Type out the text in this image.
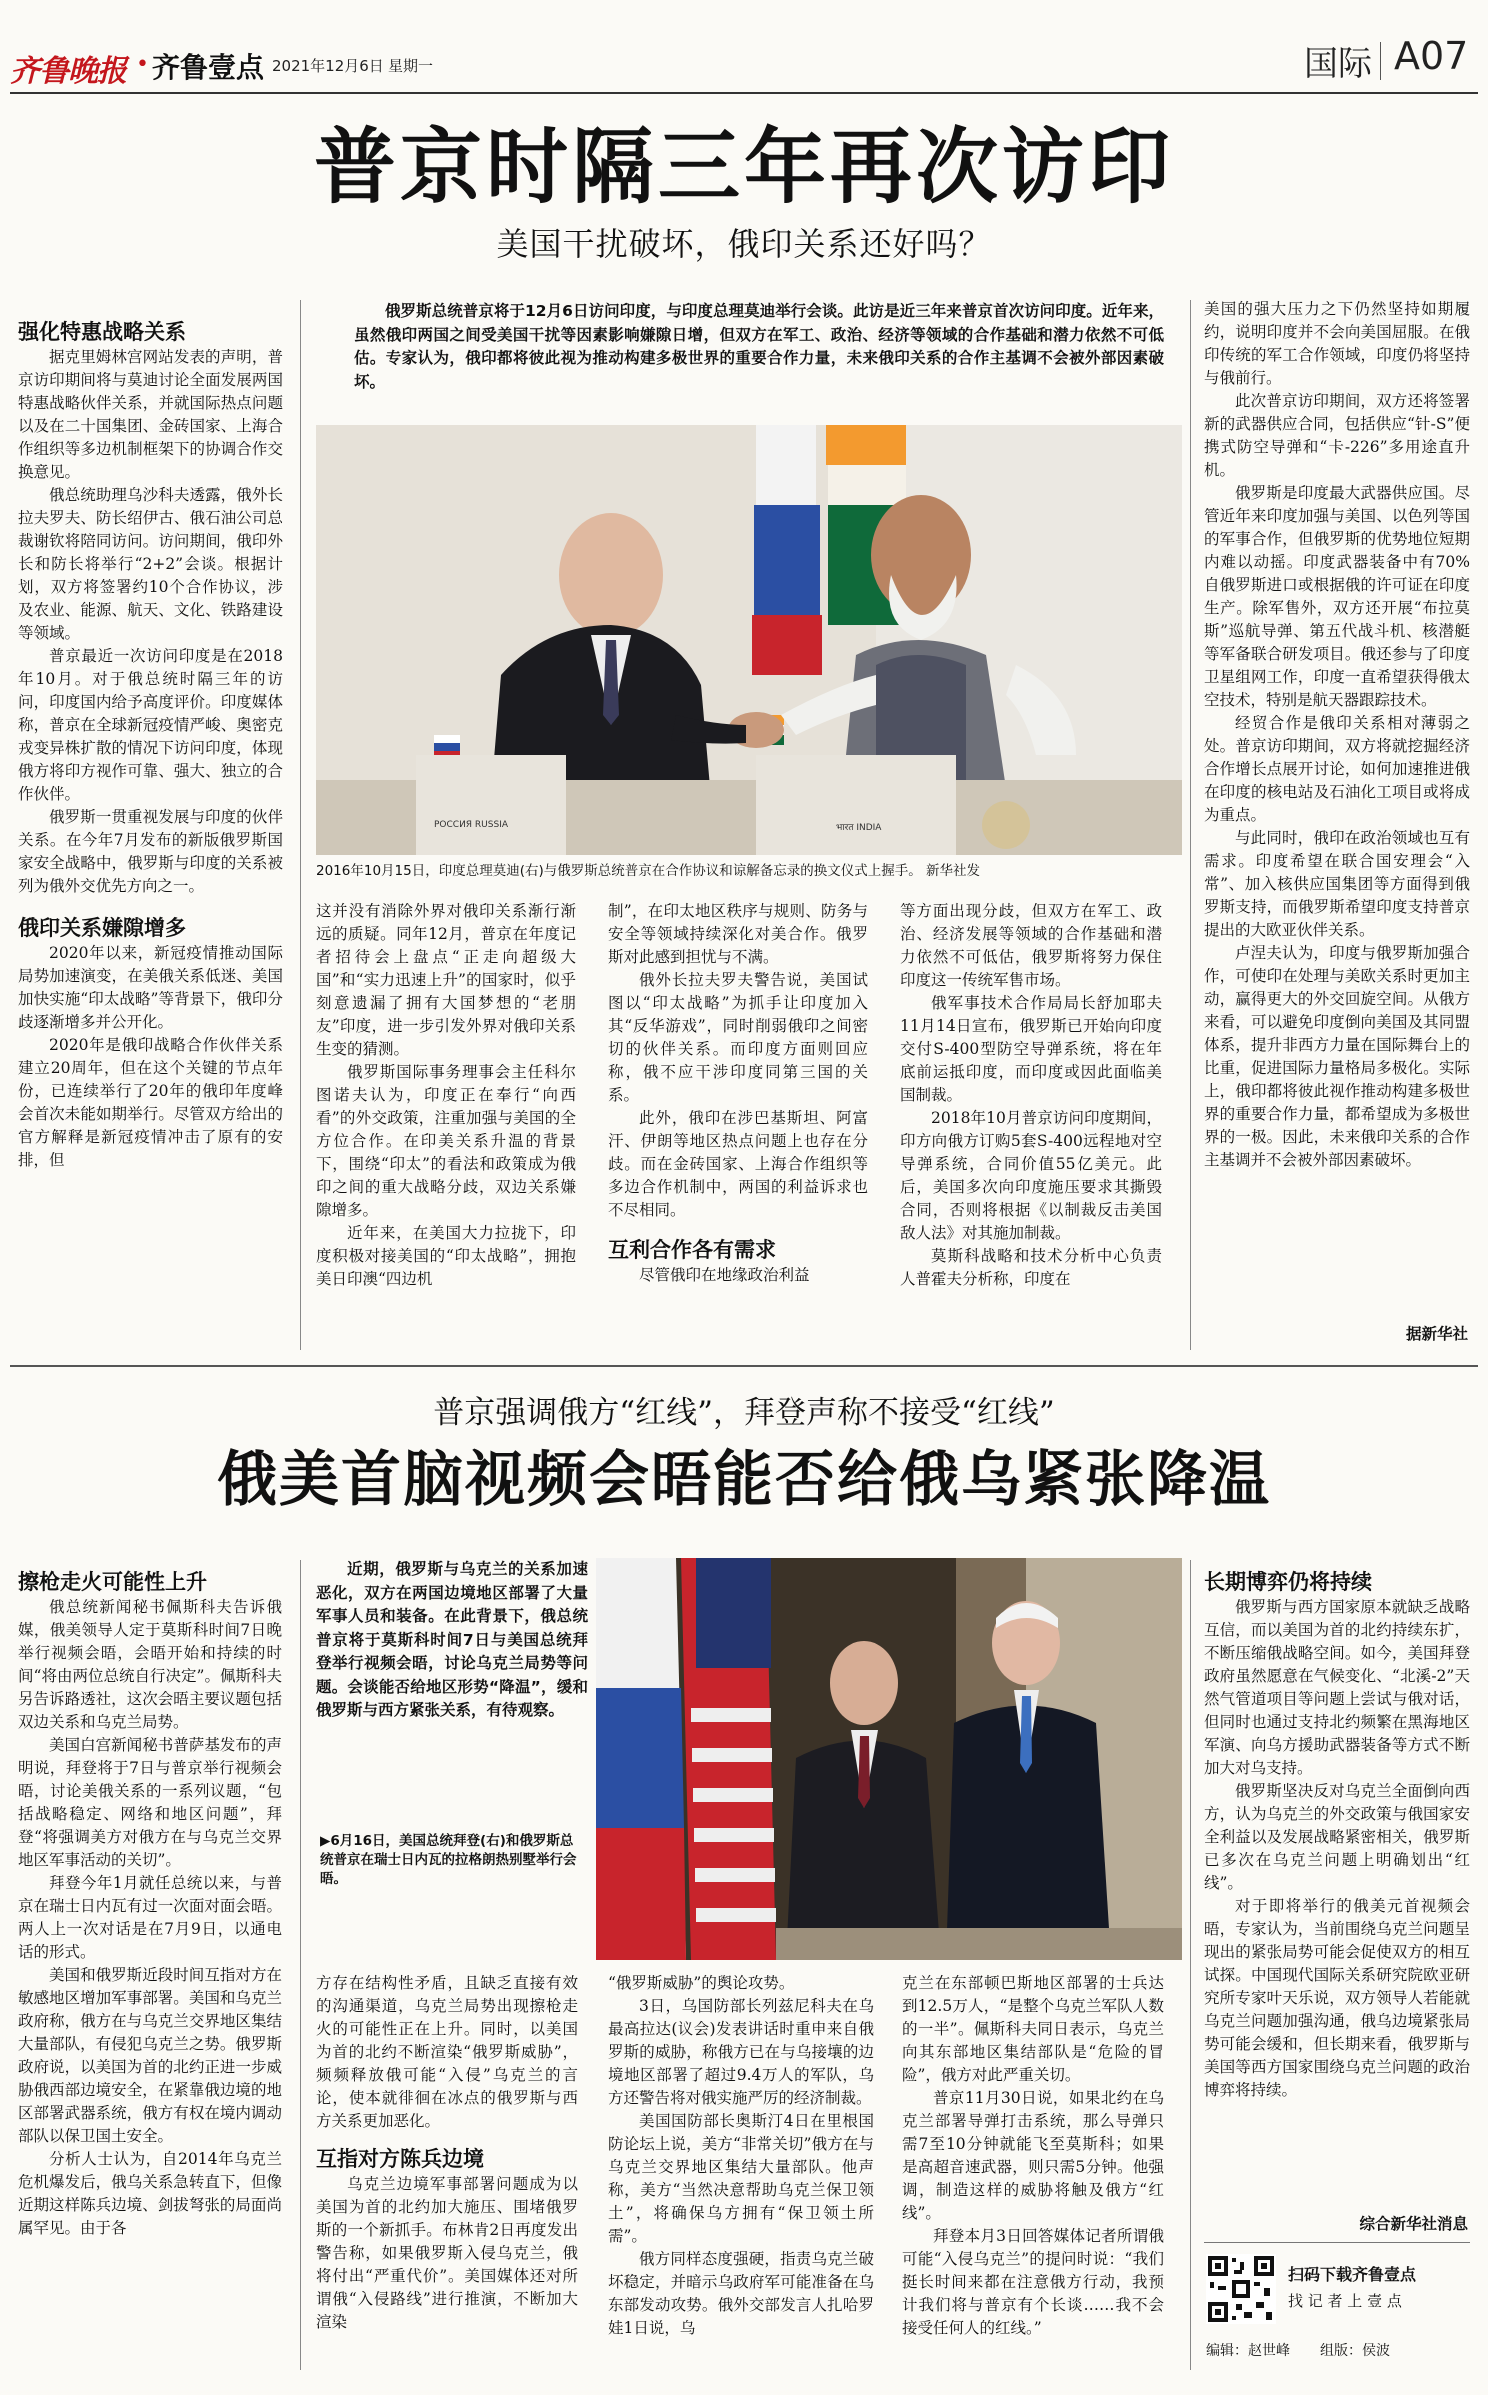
齐鲁晚报 • 齐鲁壹点 2021年12月6日 星期一	国际 A07
普京时隔三年再次访印
美国干扰破坏，俄印关系还好吗？

俄罗斯总统普京将于12月6日访问印度，与印度总理莫迪举行会谈。此访是近三年来普京首次访问印度。近年来，虽然俄印两国之间受美国干扰等因素影响嫌隙日增，但双方在军工、政治、经济等领域的合作基础和潜力依然不可低估。专家认为，俄印都将彼此视为推动构建多极世界的重要合作力量，未来俄印关系的合作主基调不会被外部因素破坏。

РОССИЯ RUSSIA	भारत INDIA
2016年10月15日，印度总理莫迪(右)与俄罗斯总统普京在合作协议和谅解备忘录的换文仪式上握手。 新华社发

强化特惠战略关系

据克里姆林宫网站发表的声明，普京访印期间将与莫迪讨论全面发展两国特惠战略伙伴关系，并就国际热点问题以及在二十国集团、金砖国家、上海合作组织等多边机制框架下的协调合作交换意见。

俄总统助理乌沙科夫透露，俄外长拉夫罗夫、防长绍伊古、俄石油公司总裁谢钦将陪同访问。访问期间，俄印外长和防长将举行“2+2”会谈。根据计划，双方将签署约10个合作协议，涉及农业、能源、航天、文化、铁路建设等领域。

普京最近一次访问印度是在2018年10月。对于俄总统时隔三年的访问，印度国内给予高度评价。印度媒体称，普京在全球新冠疫情严峻、奥密克戎变异株扩散的情况下访问印度，体现俄方将印方视作可靠、强大、独立的合作伙伴。

俄罗斯一贯重视发展与印度的伙伴关系。在今年7月发布的新版俄罗斯国家安全战略中，俄罗斯与印度的关系被列为俄外交优先方向之一。

俄印关系嫌隙增多

2020年以来，新冠疫情推动国际局势加速演变，在美俄关系低迷、美国加快实施“印太战略”等背景下，俄印分歧逐渐增多并公开化。

2020年是俄印战略合作伙伴关系建立20周年，但在这个关键的节点年份，已连续举行了20年的俄印年度峰会首次未能如期举行。尽管双方给出的官方解释是新冠疫情冲击了原有的安排，但

这并没有消除外界对俄印关系渐行渐远的质疑。同年12月，普京在年度记者招待会上盘点“正走向超级大国”和“实力迅速上升”的国家时，似乎刻意遗漏了拥有大国梦想的“老朋友”印度，进一步引发外界对俄印关系生变的猜测。

俄罗斯国际事务理事会主任科尔图诺夫认为，印度正在奉行“向西看”的外交政策，注重加强与美国的全方位合作。在印美关系升温的背景下，围绕“印太”的看法和政策成为俄印之间的重大战略分歧，双边关系嫌隙增多。

近年来，在美国大力拉拢下，印度积极对接美国的“印太战略”，拥抱美日印澳“四边机

制”，在印太地区秩序与规则、防务与安全等领域持续深化对美合作。俄罗斯对此感到担忧与不满。

俄外长拉夫罗夫警告说，美国试图以“印太战略”为抓手让印度加入其“反华游戏”，同时削弱俄印之间密切的伙伴关系。而印度方面则回应称，俄不应干涉印度同第三国的关系。

此外，俄印在涉巴基斯坦、阿富汗、伊朗等地区热点问题上也存在分歧。而在金砖国家、上海合作组织等多边合作机制中，两国的利益诉求也不尽相同。

互利合作各有需求

尽管俄印在地缘政治利益

等方面出现分歧，但双方在军工、政治、经济发展等领域的合作基础和潜力依然不可低估，俄罗斯将努力保住印度这一传统军售市场。

俄军事技术合作局局长舒加耶夫11月14日宣布，俄罗斯已开始向印度交付S-400型防空导弹系统，将在年底前运抵印度，而印度或因此面临美国制裁。

2018年10月普京访问印度期间，印方向俄方订购5套S-400远程地对空导弹系统，合同价值55亿美元。此后，美国多次向印度施压要求其撕毁合同，否则将根据《以制裁反击美国敌人法》对其施加制裁。

莫斯科战略和技术分析中心负责人普霍夫分析称，印度在

美国的强大压力之下仍然坚持如期履约，说明印度并不会向美国屈服。在俄印传统的军工合作领域，印度仍将坚持与俄前行。

此次普京访印期间，双方还将签署新的武器供应合同，包括供应“针-S”便携式防空导弹和“卡-226”多用途直升机。

俄罗斯是印度最大武器供应国。尽管近年来印度加强与美国、以色列等国的军事合作，但俄罗斯的优势地位短期内难以动摇。印度武器装备中有70%自俄罗斯进口或根据俄的许可证在印度生产。除军售外，双方还开展“布拉莫斯”巡航导弹、第五代战斗机、核潜艇等军备联合研发项目。俄还参与了印度卫星组网工作，印度一直希望获得俄太空技术，特别是航天器跟踪技术。

经贸合作是俄印关系相对薄弱之处。普京访印期间，双方将就挖掘经济合作增长点展开讨论，如何加速推进俄在印度的核电站及石油化工项目或将成为重点。

与此同时，俄印在政治领域也互有需求。印度希望在联合国安理会“入常”、加入核供应国集团等方面得到俄罗斯支持，而俄罗斯希望印度支持普京提出的大欧亚伙伴关系。

卢涅夫认为，印度与俄罗斯加强合作，可使印在处理与美欧关系时更加主动，赢得更大的外交回旋空间。从俄方来看，可以避免印度倒向美国及其同盟体系，提升非西方力量在国际舞台上的比重，促进国际力量格局多极化。实际上，俄印都将彼此视作推动构建多极世界的重要合作力量，都希望成为多极世界的一极。因此，未来俄印关系的合作主基调并不会被外部因素破坏。

据新华社
普京强调俄方“红线”，拜登声称不接受“红线”
俄美首脑视频会晤能否给俄乌紧张降温

擦枪走火可能性上升

俄总统新闻秘书佩斯科夫告诉俄媒，俄美领导人定于莫斯科时间7日晚举行视频会晤，会晤开始和持续的时间“将由两位总统自行决定”。佩斯科夫另告诉路透社，这次会晤主要议题包括双边关系和乌克兰局势。

美国白宫新闻秘书普萨基发布的声明说，拜登将于7日与普京举行视频会晤，讨论美俄关系的一系列议题，“包括战略稳定、网络和地区问题”，拜登“将强调美方对俄方在与乌克兰交界地区军事活动的关切”。

拜登今年1月就任总统以来，与普京在瑞士日内瓦有过一次面对面会晤。两人上一次对话是在7月9日，以通电话的形式。

美国和俄罗斯近段时间互指对方在敏感地区增加军事部署。美国和乌克兰政府称，俄方在与乌克兰交界地区集结大量部队，有侵犯乌克兰之势。俄罗斯政府说，以美国为首的北约正进一步威胁俄西部边境安全，在紧靠俄边境的地区部署武器系统，俄方有权在境内调动部队以保卫国土安全。

分析人士认为，自2014年乌克兰危机爆发后，俄乌关系急转直下，但像近期这样陈兵边境、剑拔弩张的局面尚属罕见。由于各

近期，俄罗斯与乌克兰的关系加速恶化，双方在两国边境地区部署了大量军事人员和装备。在此背景下，俄总统普京将于莫斯科时间7日与美国总统拜登举行视频会晤，讨论乌克兰局势等问题。会谈能否给地区形势“降温”，缓和俄罗斯与西方紧张关系，有待观察。

▶6月16日，美国总统拜登(右)和俄罗斯总统普京在瑞士日内瓦的拉格朗热别墅举行会晤。

方存在结构性矛盾，且缺乏直接有效的沟通渠道，乌克兰局势出现擦枪走火的可能性正在上升。同时，以美国为首的北约不断渲染“俄罗斯威胁”，频频释放俄可能“入侵”乌克兰的言论，使本就徘徊在冰点的俄罗斯与西方关系更加恶化。

互指对方陈兵边境

乌克兰边境军事部署问题成为以美国为首的北约加大施压、围堵俄罗斯的一个新抓手。布林肯2日再度发出警告称，如果俄罗斯入侵乌克兰，俄将付出“严重代价”。美国媒体还对所谓俄“入侵路线”进行推演，不断加大渲染

“俄罗斯威胁”的舆论攻势。

3日，乌国防部长列兹尼科夫在乌最高拉达(议会)发表讲话时重申来自俄罗斯的威胁，称俄方已在与乌接壤的边境地区部署了超过9.4万人的军队，乌方还警告将对俄实施严厉的经济制裁。

美国国防部长奥斯汀4日在里根国防论坛上说，美方“非常关切”俄方在与乌克兰交界地区集结大量部队。他声称，美方“当然决意帮助乌克兰保卫领土”，将确保乌方拥有“保卫领土所需”。

俄方同样态度强硬，指责乌克兰破坏稳定，并暗示乌政府军可能准备在乌东部发动攻势。俄外交部发言人扎哈罗娃1日说，乌

克兰在东部顿巴斯地区部署的士兵达到12.5万人，“是整个乌克兰军队人数的一半”。佩斯科夫同日表示，乌克兰向其东部地区集结部队是“危险的冒险”，俄方对此严重关切。

普京11月30日说，如果北约在乌克兰部署导弹打击系统，那么导弹只需7至10分钟就能飞至莫斯科；如果是高超音速武器，则只需5分钟。他强调，制造这样的威胁将触及俄方“红线”。

拜登本月3日回答媒体记者所谓俄可能“入侵乌克兰”的提问时说：“我们挺长时间来都在注意俄方行动，我预计我们将与普京有个长谈……我不会接受任何人的红线。”

长期博弈仍将持续

俄罗斯与西方国家原本就缺乏战略互信，而以美国为首的北约持续东扩，不断压缩俄战略空间。如今，美国拜登政府虽然愿意在气候变化、“北溪-2”天然气管道项目等问题上尝试与俄对话，但同时也通过支持北约频繁在黑海地区军演、向乌方援助武器装备等方式不断加大对乌支持。

俄罗斯坚决反对乌克兰全面倒向西方，认为乌克兰的外交政策与俄国家安全利益以及发展战略紧密相关，俄罗斯已多次在乌克兰问题上明确划出“红线”。

对于即将举行的俄美元首视频会晤，专家认为，当前围绕乌克兰问题呈现出的紧张局势可能会促使双方的相互试探。中国现代国际关系研究院欧亚研究所专家叶天乐说，双方领导人若能就乌克兰问题加强沟通，俄乌边境紧张局势可能会缓和，但长期来看，俄罗斯与美国等西方国家围绕乌克兰问题的政治博弈将持续。

综合新华社消息
扫码下载齐鲁壹点
找 记 者 上 壹 点
编辑：赵世峰 组版：侯波
